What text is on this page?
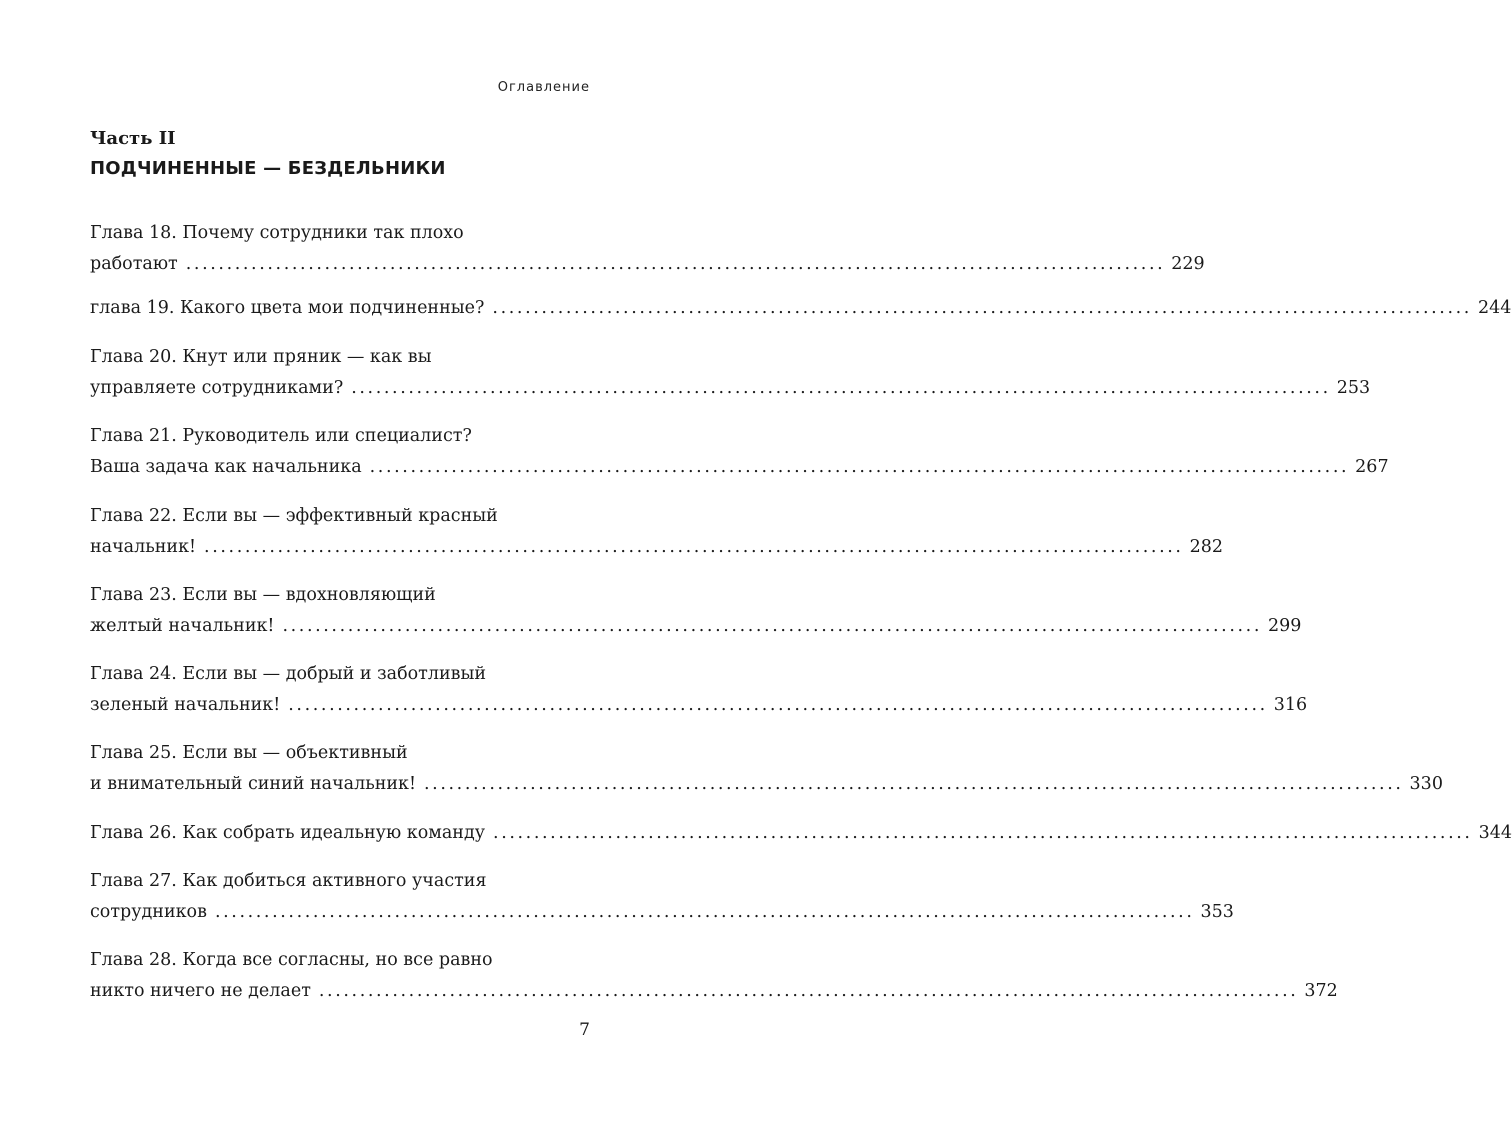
Оглавление
Часть II
ПОДЧИНЕННЫЕ — БЕЗДЕЛЬНИКИ
Глава 18. Почему сотрудники так плохо
работают ........................................................................................................................ 229
глава 19. Какого цвета мои подчиненные? ........................................................................................................................ 244
Глава 20. Кнут или пряник — как вы
управляете сотрудниками? ........................................................................................................................ 253
Глава 21. Руководитель или специалист?
Ваша задача как начальника ........................................................................................................................ 267
Глава 22. Если вы — эффективный красный
начальник! ........................................................................................................................ 282
Глава 23. Если вы — вдохновляющий
желтый начальник! ........................................................................................................................ 299
Глава 24. Если вы — добрый и заботливый
зеленый начальник! ........................................................................................................................ 316
Глава 25. Если вы — объективный
и внимательный синий начальник! ........................................................................................................................ 330
Глава 26. Как собрать идеальную команду ........................................................................................................................ 344
Глава 27. Как добиться активного участия
сотрудников ........................................................................................................................ 353
Глава 28. Когда все согласны, но все равно
никто ничего не делает ........................................................................................................................ 372
7
